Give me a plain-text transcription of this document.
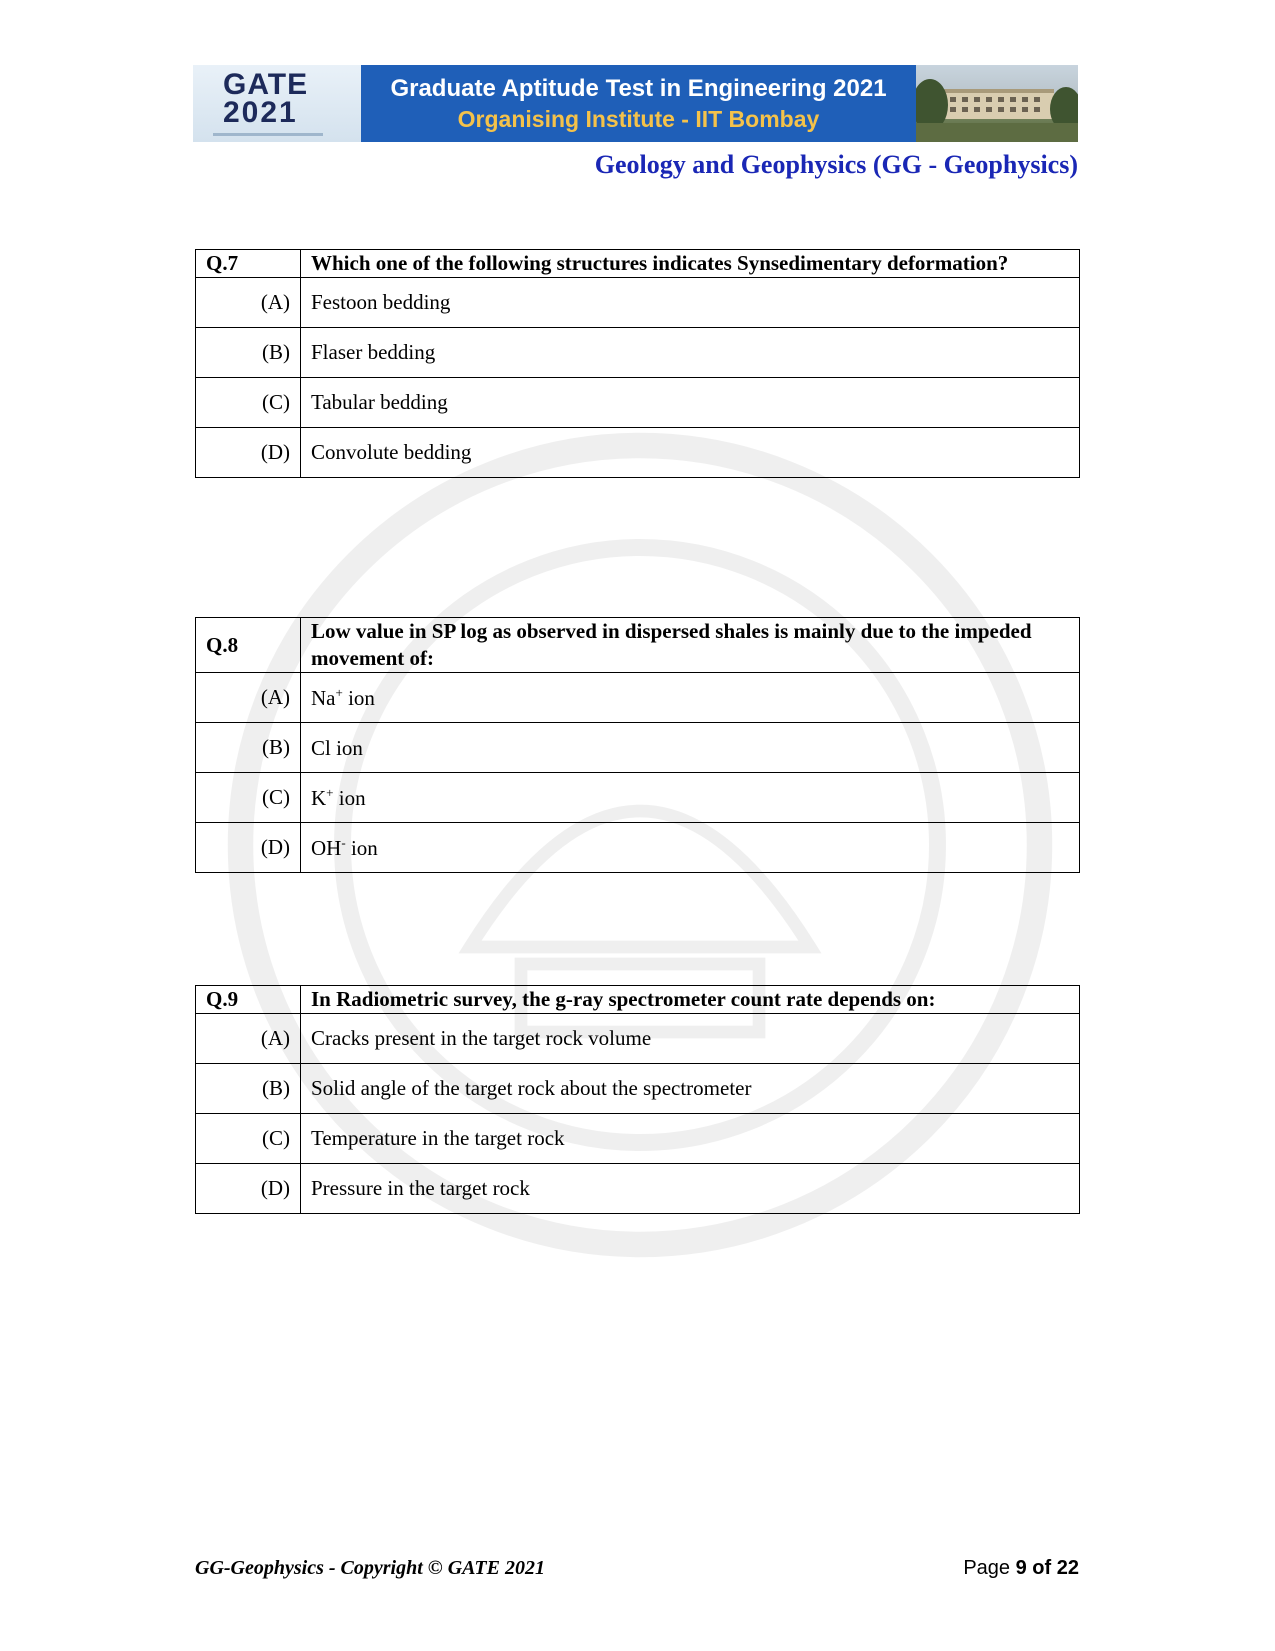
GATE
2021
Graduate Aptitude Test in Engineering 2021
Organising Institute - IIT Bombay
Geology and Geophysics (GG - Geophysics)
Q.7	Which one of the following structures indicates Synsedimentary deformation?
(A)	Festoon bedding
(B)	Flaser bedding
(C)	Tabular bedding
(D)	Convolute bedding
Q.8	Low value in SP log as observed in dispersed shales is mainly due to the impeded movement of:
(A)	Na+ ion
(B)	Cl ion
(C)	K+ ion
(D)	OH- ion
Q.9	In Radiometric survey, the g-ray spectrometer count rate depends on:
(A)	Cracks present in the target rock volume
(B)	Solid angle of the target rock about the spectrometer
(C)	Temperature in the target rock
(D)	Pressure in the target rock
GG-Geophysics - Copyright © GATE 2021	Page 9 of 22
